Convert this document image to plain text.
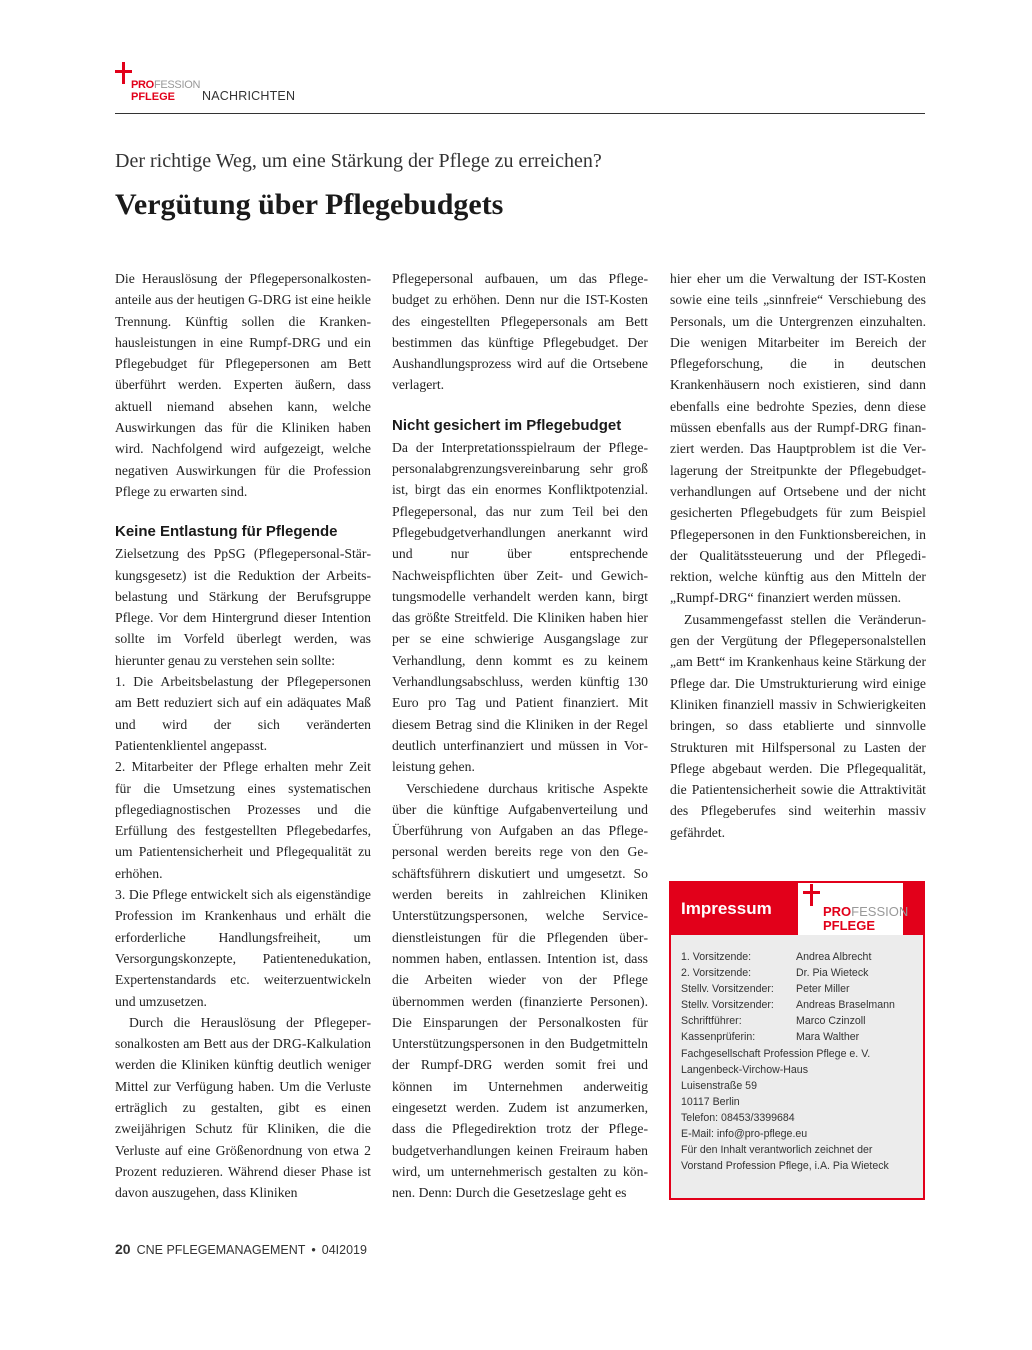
PROFESSION
PFLEGE NACHRICHTEN
Der richtige Weg, um eine Stärkung der Pflege zu erreichen?
Vergütung über Pflegebudgets

Die Herauslösung der Pflegepersonalkostenanteile aus der heutigen G-DRG ist eine heikle Trennung. Künftig sollen die Krankenhausleistungen in eine Rumpf-DRG und ein Pflegebudget für Pflegepersonen am Bett überführt werden. Experten äußern, dass aktuell niemand absehen kann, welche Auswirkungen das für die Kliniken haben wird. Nachfolgend wird aufgezeigt, welche negativen Auswirkungen für die Profession Pflege zu erwarten sind.

Keine Entlastung für Pflegende

Zielsetzung des PpSG (Pflegepersonal-Stärkungsgesetz) ist die Reduktion der Arbeitsbelastung und Stärkung der Berufsgruppe Pflege. Vor dem Hintergrund dieser Intention sollte im Vorfeld überlegt werden, was hierunter genau zu verstehen sein sollte:

1. Die Arbeitsbelastung der Pflegepersonen am Bett reduziert sich auf ein adäquates Maß und wird der sich veränderten Patientenklientel angepasst.

2. Mitarbeiter der Pflege erhalten mehr Zeit für die Umsetzung eines systematischen pflegediagnostischen Prozesses und die Erfüllung des festgestellten Pflegebedarfes, um Patientensicherheit und Pflegequalität zu erhöhen.

3. Die Pflege entwickelt sich als eigenständige Profession im Krankenhaus und erhält die erforderliche Handlungsfreiheit, um Versorgungskonzepte, Patientenedukation, Expertenstandards etc. weiterzuentwickeln und umzusetzen.

Durch die Herauslösung der Pflegepersonalkosten am Bett aus der DRG-Kalkulation werden die Kliniken künftig deutlich weniger Mittel zur Verfügung haben. Um die Verluste erträglich zu gestalten, gibt es einen zweijährigen Schutz für Kliniken, die die Verluste auf eine Größenordnung von etwa 2 Prozent reduzieren. Während dieser Phase ist davon auszugehen, dass Kliniken

Pflegepersonal aufbauen, um das Pflegebudget zu erhöhen. Denn nur die IST-Kosten des eingestellten Pflegepersonals am Bett bestimmen das künftige Pflegebudget. Der Aushandlungsprozess wird auf die Ortsebene verlagert.

Nicht gesichert im Pflegebudget

Da der Interpretationsspielraum der Pflegepersonalabgrenzungsvereinbarung sehr groß ist, birgt das ein enormes Konfliktpotenzial. Pflegepersonal, das nur zum Teil bei den Pflegebudgetverhandlungen anerkannt wird und nur über entsprechende Nachweispflichten über Zeit- und Gewichtungsmodelle verhandelt werden kann, birgt das größte Streitfeld. Die Kliniken haben hier per se eine schwierige Ausgangslage zur Verhandlung, denn kommt es zu keinem Verhandlungsabschluss, werden künftig 130 Euro pro Tag und Patient finanziert. Mit diesem Betrag sind die Kliniken in der Regel deutlich unterfinanziert und müssen in Vorleistung gehen.

Verschiedene durchaus kritische Aspekte über die künftige Aufgabenverteilung und Überführung von Aufgaben an das Pflegepersonal werden bereits rege von den Geschäftsführern diskutiert und umgesetzt. So werden bereits in zahlreichen Kliniken Unterstützungspersonen, welche Servicedienstleistungen für die Pflegenden übernommen haben, entlassen. Intention ist, dass die Arbeiten wieder von der Pflege übernommen werden (finanzierte Personen). Die Einsparungen der Personalkosten für Unterstützungspersonen in den Budgetmitteln der Rumpf-DRG werden somit frei und können im Unternehmen anderweitig eingesetzt werden. Zudem ist anzumerken, dass die Pflegedirektion trotz der Pflegebudgetverhandlungen keinen Freiraum haben wird, um unternehmerisch gestalten zu können. Denn: Durch die Gesetzeslage geht es

hier eher um die Verwaltung der IST-Kosten sowie eine teils „sinnfreie“ Verschiebung des Personals, um die Untergrenzen einzuhalten. Die wenigen Mitarbeiter im Bereich der Pflegeforschung, die in deutschen Krankenhäusern noch existieren, sind dann ebenfalls eine bedrohte Spezies, denn diese müssen ebenfalls aus der Rumpf-DRG finanziert werden. Das Hauptproblem ist die Verlagerung der Streitpunkte der Pflegebudgetverhandlungen auf Ortsebene und der nicht gesicherten Pflegebudgets für zum Beispiel Pflegepersonen in den Funktionsbereichen, in der Qualitätssteuerung und der Pflegedirektion, welche künftig aus den Mitteln der „Rumpf-DRG“ finanziert werden müssen.

Zusammengefasst stellen die Veränderungen der Vergütung der Pflegepersonalstellen „am Bett“ im Krankenhaus keine Stärkung der Pflege dar. Die Umstrukturierung wird einige Kliniken finanziell massiv in Schwierigkeiten bringen, so dass etablierte und sinnvolle Strukturen mit Hilfspersonal zu Lasten der Pflege abgebaut werden. Die Pflegequalität, die Patientensicherheit sowie die Attraktivität des Pflegeberufes sind weiterhin massiv gefährdet.

Impressum	PROFESSION
PFLEGE
1. Vorsitzende:	Andrea Albrecht
2. Vorsitzende:	Dr. Pia Wieteck
Stellv. Vorsitzender:	Peter Miller
Stellv. Vorsitzender:	Andreas Braselmann
Schriftführer:	Marco Czinzoll
Kassenprüferin:	Mara Walther
Fachgesellschaft Profession Pflege e. V.
Langenbeck-Virchow-Haus
Luisenstraße 59
10117 Berlin
Telefon: 08453/3399684
E-Mail: info@pro-pflege.eu
Für den Inhalt verantworlich zeichnet der
Vorstand Profession Pflege, i.A. Pia Wieteck
20 CNE PFLEGEMANAGEMENT • 04I2019
